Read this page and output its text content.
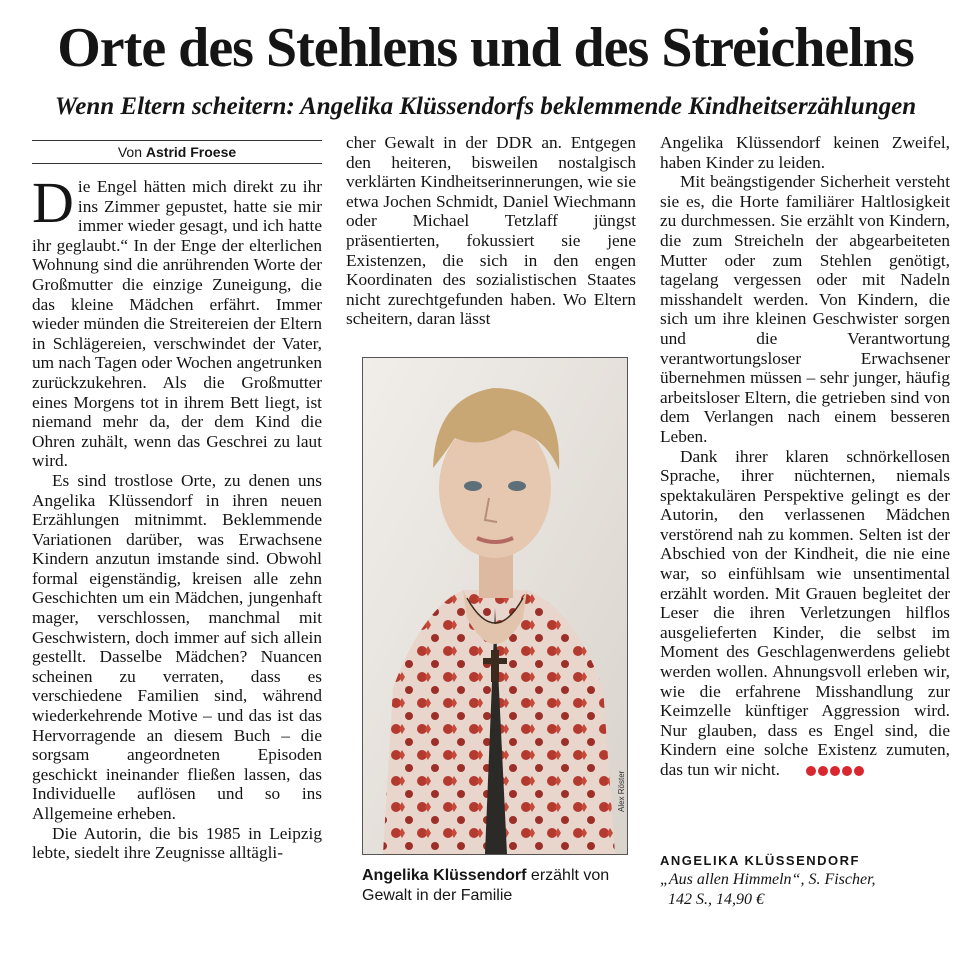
Orte des Stehlens und des Streichelns
Wenn Eltern scheitern: Angelika Klüssendorfs beklemmende Kindheitserzählungen
Von Astrid Froese

Die Engel hätten mich direkt zu ihr ins Zimmer gepustet, hatte sie mir immer wieder gesagt, und ich hatte ihr geglaubt.“ In der Enge der elterlichen Wohnung sind die anrührenden Worte der Großmutter die einzige Zuneigung, die das kleine Mädchen erfährt. Immer wieder münden die Streitereien der Eltern in Schlägereien, verschwindet der Vater, um nach Tagen oder Wochen angetrunken zurückzukehren. Als die Großmutter eines Morgens tot in ihrem Bett liegt, ist niemand mehr da, der dem Kind die Ohren zuhält, wenn das Geschrei zu laut wird.

Es sind trostlose Orte, zu denen uns Angelika Klüssendorf in ihren neuen Erzählungen mitnimmt. Beklemmende Variationen darüber, was Erwachsene Kindern anzutun imstande sind. Obwohl formal eigenständig, kreisen alle zehn Geschichten um ein Mädchen, jungenhaft mager, verschlossen, manchmal mit Geschwistern, doch immer auf sich allein gestellt. Dasselbe Mädchen? Nuancen scheinen zu verraten, dass es verschiedene Familien sind, während wiederkehrende Motive – und das ist das Hervorragende an diesem Buch – die sorgsam angeordneten Episoden geschickt ineinander fließen lassen, das Individuelle auflösen und so ins Allgemeine erheben.

Die Autorin, die bis 1985 in Leipzig lebte, siedelt ihre Zeugnisse alltägli-

cher Gewalt in der DDR an. Entgegen den heiteren, bisweilen nostalgisch verklärten Kindheitserinnerungen, wie sie etwa Jochen Schmidt, Daniel Wiechmann oder Michael Tetzlaff jüngst präsentierten, fokussiert sie jene Existenzen, die sich in den engen Koordinaten des sozialistischen Staates nicht zurechtgefunden haben. Wo Eltern scheitern, daran lässt

Alex Röster
Angelika Klüssendorf erzählt von Gewalt in der Familie

Angelika Klüssendorf keinen Zweifel, haben Kinder zu leiden.

Mit beängstigender Sicherheit versteht sie es, die Horte familiärer Haltlosigkeit zu durchmessen. Sie erzählt von Kindern, die zum Streicheln der abgearbeiteten Mutter oder zum Stehlen genötigt, tagelang vergessen oder mit Nadeln misshandelt werden. Von Kindern, die sich um ihre kleinen Geschwister sorgen und die Verantwortung verantwortungsloser Erwachsener übernehmen müssen – sehr junger, häufig arbeitsloser Eltern, die getrieben sind von dem Verlangen nach einem besseren Leben.

Dank ihrer klaren schnörkellosen Sprache, ihrer nüchternen, niemals spektakulären Perspektive gelingt es der Autorin, den verlassenen Mädchen verstörend nah zu kommen. Selten ist der Abschied von der Kindheit, die nie eine war, so einfühlsam wie unsentimental erzählt worden. Mit Grauen begleitet der Leser die ihren Verletzungen hilflos ausgelieferten Kinder, die selbst im Moment des Geschlagenwerdens geliebt werden wollen. Ahnungsvoll erleben wir, wie die erfahrene Misshandlung zur Keimzelle künftiger Aggression wird. Nur glauben, dass es Engel sind, die Kindern eine solche Existenz zumuten, das tun wir nicht.

ANGELIKA KLÜSSENDORF
„Aus allen Himmeln“, S. Fischer,
142 S., 14,90 €
